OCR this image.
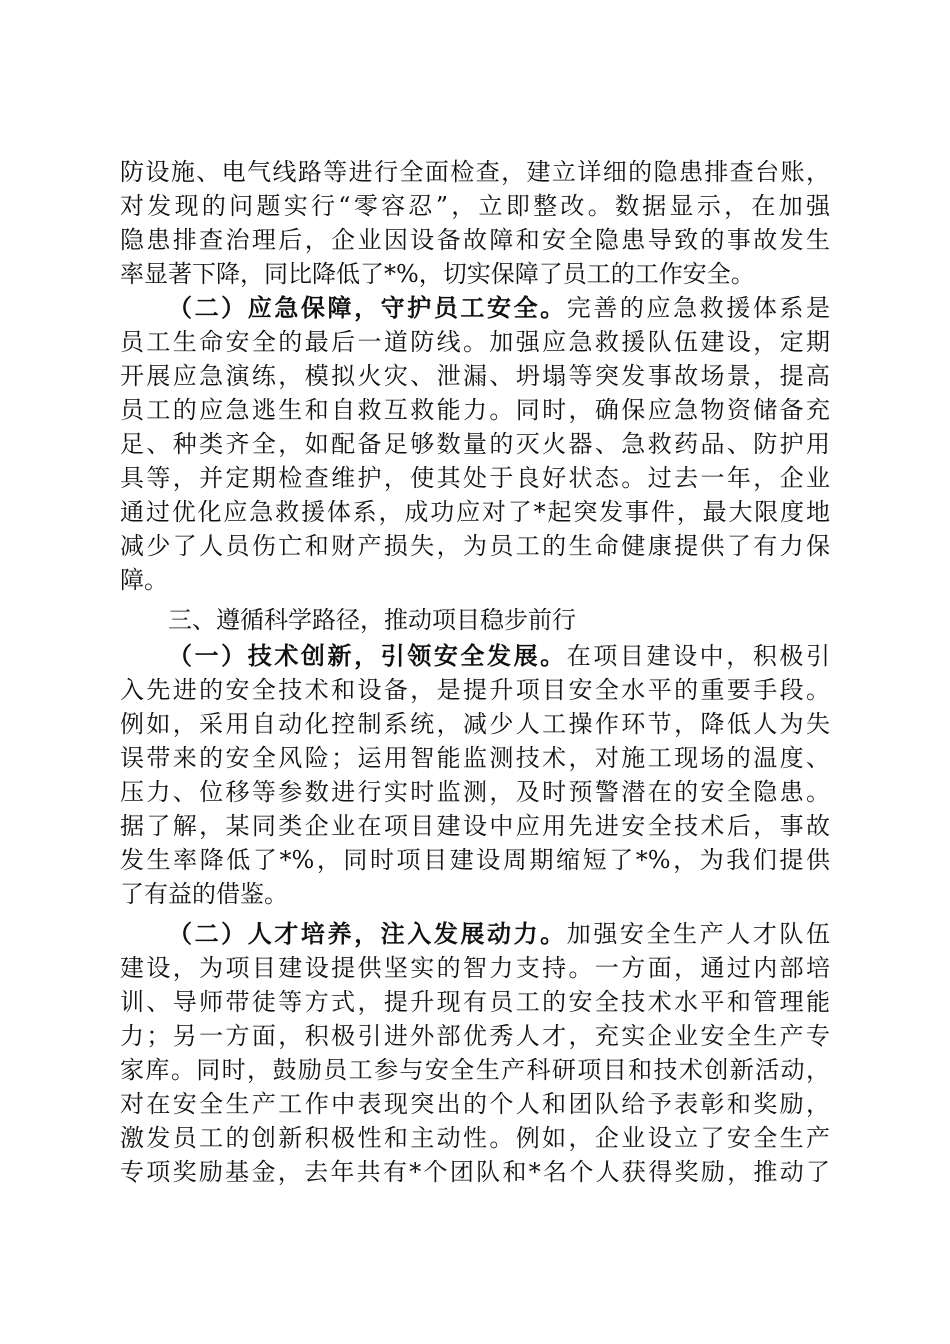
防设施、电气线路等进行全面检查，建立详细的隐患排查台账，
对发现的问题实行“零容忍”，立即整改。数据显示，在加强
隐患排查治理后，企业因设备故障和安全隐患导致的事故发生
率显著下降，同比降低了*%，切实保障了员工的工作安全。
（二）应急保障，守护员工安全。完善的应急救援体系是
员工生命安全的最后一道防线。加强应急救援队伍建设，定期
开展应急演练，模拟火灾、泄漏、坍塌等突发事故场景，提高
员工的应急逃生和自救互救能力。同时，确保应急物资储备充
足、种类齐全，如配备足够数量的灭火器、急救药品、防护用
具等，并定期检查维护，使其处于良好状态。过去一年，企业
通过优化应急救援体系，成功应对了*起突发事件，最大限度地
减少了人员伤亡和财产损失，为员工的生命健康提供了有力保
障。
三、遵循科学路径，推动项目稳步前行
（一）技术创新，引领安全发展。在项目建设中，积极引
入先进的安全技术和设备，是提升项目安全水平的重要手段。
例如，采用自动化控制系统，减少人工操作环节，降低人为失
误带来的安全风险；运用智能监测技术，对施工现场的温度、
压力、位移等参数进行实时监测，及时预警潜在的安全隐患。
据了解，某同类企业在项目建设中应用先进安全技术后，事故
发生率降低了*%，同时项目建设周期缩短了*%，为我们提供
了有益的借鉴。
（二）人才培养，注入发展动力。加强安全生产人才队伍
建设，为项目建设提供坚实的智力支持。一方面，通过内部培
训、导师带徒等方式，提升现有员工的安全技术水平和管理能
力；另一方面，积极引进外部优秀人才，充实企业安全生产专
家库。同时，鼓励员工参与安全生产科研项目和技术创新活动，
对在安全生产工作中表现突出的个人和团队给予表彰和奖励，
激发员工的创新积极性和主动性。例如，企业设立了安全生产
专项奖励基金，去年共有*个团队和*名个人获得奖励，推动了
